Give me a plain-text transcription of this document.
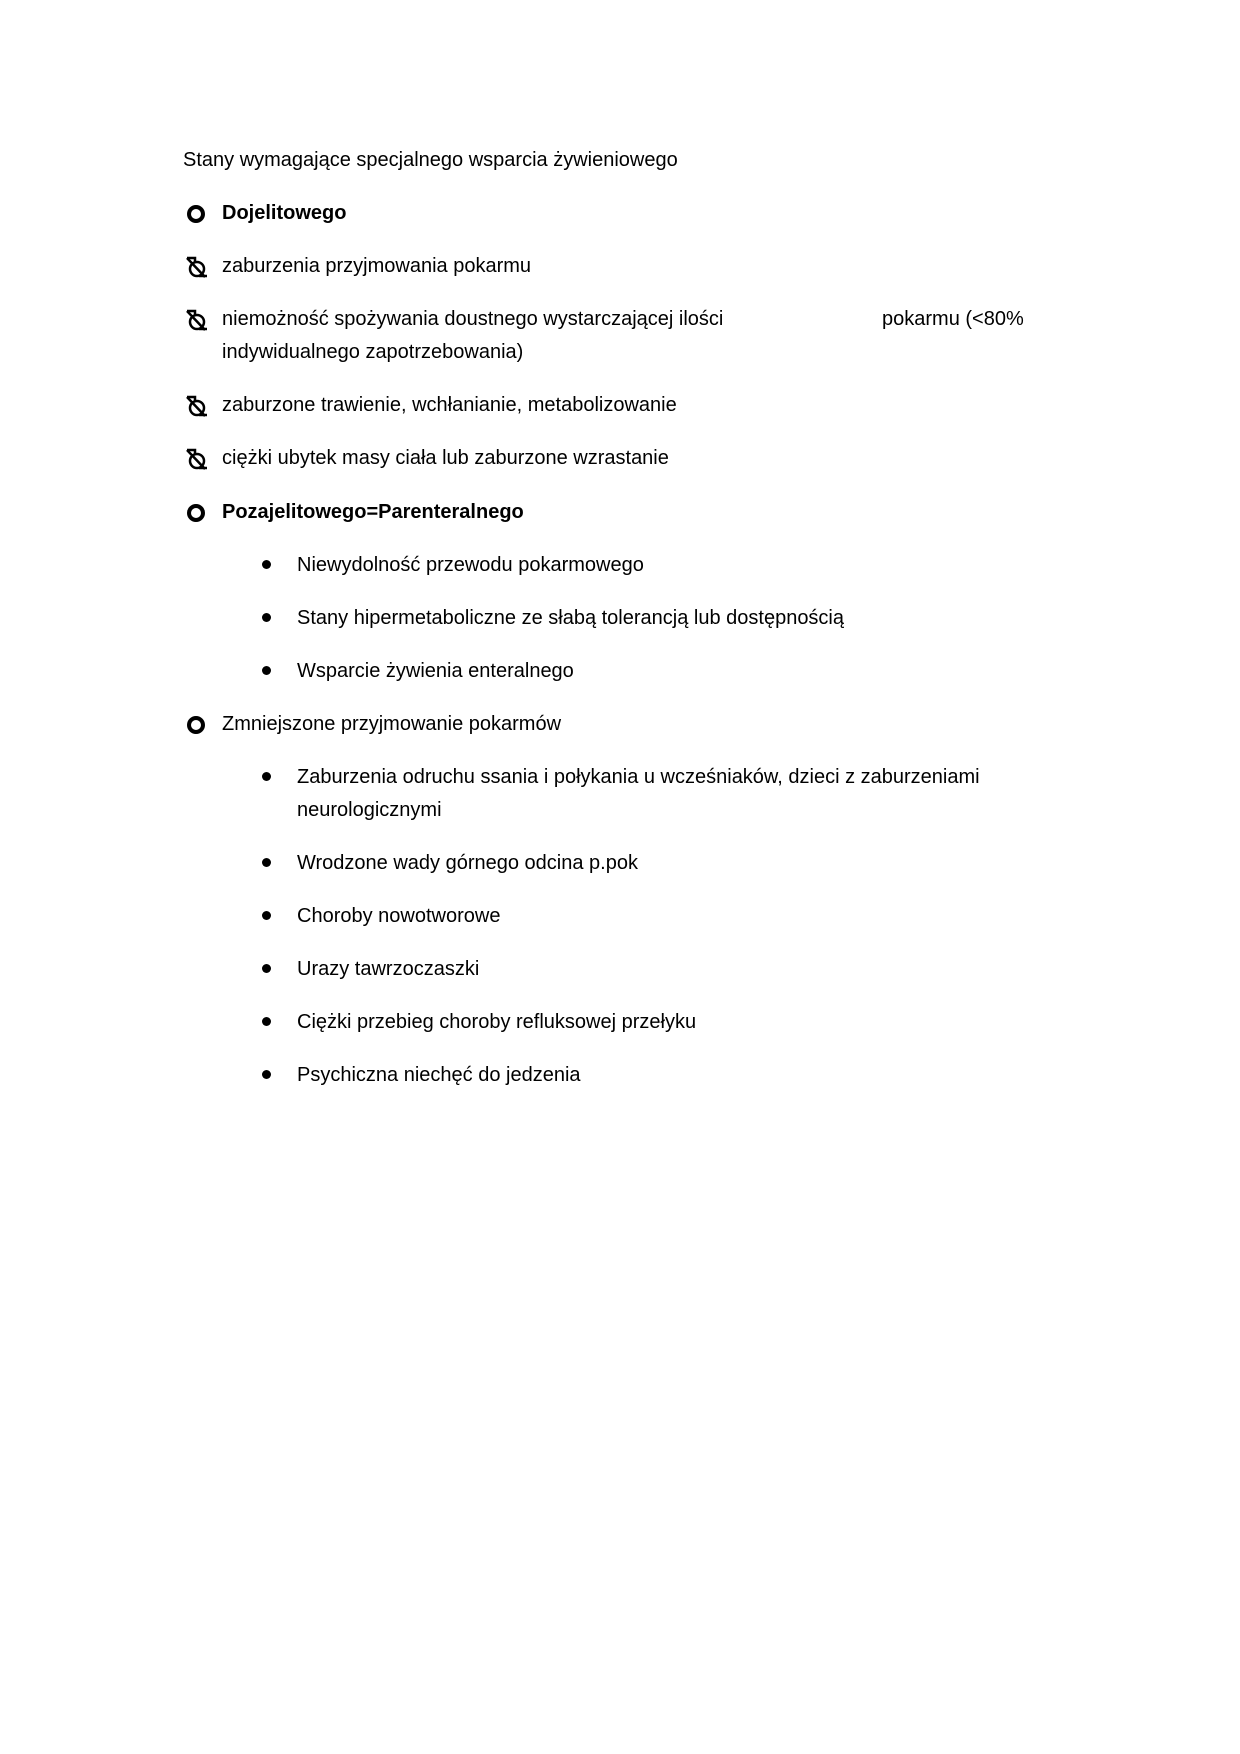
Stany wymagające specjalnego wsparcia żywieniowego
Dojelitowego
zaburzenia przyjmowania pokarmu
niemożność spożywania doustnego wystarczającej ilości	pokarmu (<80%
indywidualnego zapotrzebowania)
zaburzone trawienie, wchłanianie, metabolizowanie
ciężki ubytek masy ciała lub zaburzone wzrastanie
Pozajelitowego=Parenteralnego
Niewydolność przewodu pokarmowego
Stany hipermetaboliczne ze słabą tolerancją lub dostępnością
Wsparcie żywienia enteralnego
Zmniejszone przyjmowanie pokarmów
Zaburzenia odruchu ssania i połykania u wcześniaków, dzieci z zaburzeniami
neurologicznymi
Wrodzone wady górnego odcina p.pok
Choroby nowotworowe
Urazy tawrzoczaszki
Ciężki przebieg choroby refluksowej przełyku
Psychiczna niechęć do jedzenia
